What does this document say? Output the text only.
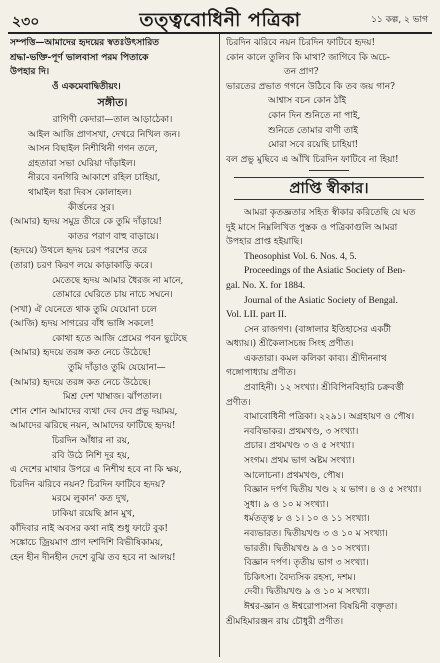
২৩০	তত্ত্ববোধিনী পত্রিকা	১১ কল্প, ২ ভাগ
সম্পত্তি—আমাদের হৃদয়ের স্বতঃউৎসারিত
শ্রদ্ধা-ভক্তি-পূর্ণ ভালবাসা পরম পিতাকে
উপহার দি।
ওঁ একমেবাদ্বিতীয়ং।
সঙ্গীত।
রাগিণী কেদারা—তাল আড়াঠেকা।
আইল আজি প্রাণসখা, দেখরে নিখিল জন।
আসন বিছাইল নিশীথিনী গগন তলে,
গ্রহতারা সভা ঘেরিয়া দাঁড়াইল।
নীরবে বনগিরি আকাশে রহিল চাহিয়া,
থামাইল ধরা দিবস কোলাহল।
কীর্ত্তনের সুর।
(আমার) হৃদয় সমুদ্র তীরে কে তুমি দাঁড়ায়ে!
কাতর পরাণ বাহু বাড়ায়ে।
(হৃদয়ে) উথলে হৃদয় চরণ পরশের তরে
(তারা) চরণ কিরণ লয়ে কাড়াকাড়ি করে।
মেতেছে হৃদয় আমার ধৈরজ না মানে,
তোমারে ঘেরিতে চায় নাচে সঘনে।
(সখা) ঐ যেনেতে থাক তুমি যেয়োনা চলে
(আজি) হৃদয় সাগরের বাঁধ ভাঙ্গি সকলে!
কোথা হতে আজি প্রেমের পবন ছুটেছে
(আমার) হৃদয়ে তরঙ্গ কত নেচে উঠেছে!
তুমি দাঁড়াও তুমি যেয়োনা—
(আমার) হৃদয়ে তরঙ্গ কত নেচে উঠেছে।
মিশ্র দেশ খাম্বাজ। ঝাঁপতাল।
শোন শোন আমাদের ব্যথা দেব দেব প্রভু দয়াময়,
আমাদের ঝরিছে নয়ন, আমাদের ফাটিছে হৃদয়!
চিরদিন আঁধার না রয়,
রবি উঠে নিশি দূর হয়,
এ দেশের মাথার উপরে এ নিশীথ হবে না কি ক্ষয়,
চিরদিন ঝরিবে নয়ন? চিরদিন ফাটিবে হৃদয়?
মরমে লুকান' কত দুখ,
ঢাকিয়া রয়েছি ম্লান মুখ,
কাঁদিবার নাই অবসর কথা নাই শুধু ফাটে বুক!
সঙ্কোচে জ্রিয়মাণ প্রাণ দশদিশি বিভীষিকাময়,
হেন হীন দীনহীন দেশে বুঝি তব হবে না আলয়!
চিরদিন ঝরিবে নয়ন চিরদিন ফাটিবে হৃদয়!
কোন কালে তুলিব কি মাথা? জাগিবে কি অচে-
তন প্রাণ?
ভারতের প্রভাত গগনে উঠিবে কি তব জয় গান?
আশ্বাস বচন কোন ঠাঁই
কোন দিন শুনিতে না পাই,
শুনিতে তোমার বাণী তাই
মোরা সবে রয়েছি চাহিয়া!
বল প্রভু মুছিবে এ আঁখি চিরদিন ফাটিবে না হিয়া!
প্রাপ্তি স্বীকার।
আমরা কৃতজ্ঞতার সহিত স্বীকার করিতেছি যে ঘত
দুই মাসে নিম্নলিখিত পুস্তক ও পত্রিকাগুলি আমরা
উপহার প্রাপ্ত হইয়াছি।
Theosophist Vol. 6. Nos. 4, 5.
Proceedings of the Asiatic Society of Ben-
gal. No. X. for 1884.
Journal of the Asiatic Society of Bengal.
Vol. LII. part II.
সেন রাজগণ। (বাঙ্গালার ইতিহাসের একটী
অধ্যায়।) শ্রীকৈলাসচন্দ্র সিংহ প্রণীত।
একতারা। কমল কলিকা কাব্য। শ্রীদীননাথ
গঙ্গোপাধ্যায় প্রণীত।
প্রবাহিনী। ১২ সংখ্যা। শ্রীবিপিনবিহারি চক্রবর্ত্তী
প্রণীত।
বামাবোধিনী পত্রিকা। ২২৯১। অগ্রহায়ণ ও পৌষ।
নববিভাকর। প্রথমখণ্ড, ৩ সংখ্যা।
প্রচার। প্রথমখণ্ড ৩ ও ৫ সংখ্যা।
সংগম। প্রথম ভাগ অষ্টম সংখ্যা।
আলোচনা। প্রথমখণ্ড, পৌষ।
বিজ্ঞান দর্পণ দ্বিতীয় খণ্ড ২ য় ভাগ। ৪ ও ৫ সংখ্যা।
সুধা। ৯ ও ১০ ম সংখ্যা।
ধর্মতত্ত্ব ৮ ও ১। ১০ ও ১১ সংখ্যা।
নব্যভারত। দ্বিতীয়খণ্ড ৩ ও ১০ ম সংখ্যা।
ভারতী। দ্বিতীয়খণ্ড ৯ ও ১০ সংখ্যা।
বিজ্ঞান দর্পণ। তৃতীয় ভাগ ৩ সংখ্যা।
চিকিৎসা। বৈদ্যসিক রহস্য, দশম।
দেবী। দ্বিতীয়খণ্ড ৯ ও ১০ ম সংখ্যা।
ঈশ্বর-জ্ঞান ও ঈশ্বরোপাসনা বিষয়িনী বক্তৃতা।
শ্রীমহিমারঞ্জন রায় চৌধুরী প্রণীত।
